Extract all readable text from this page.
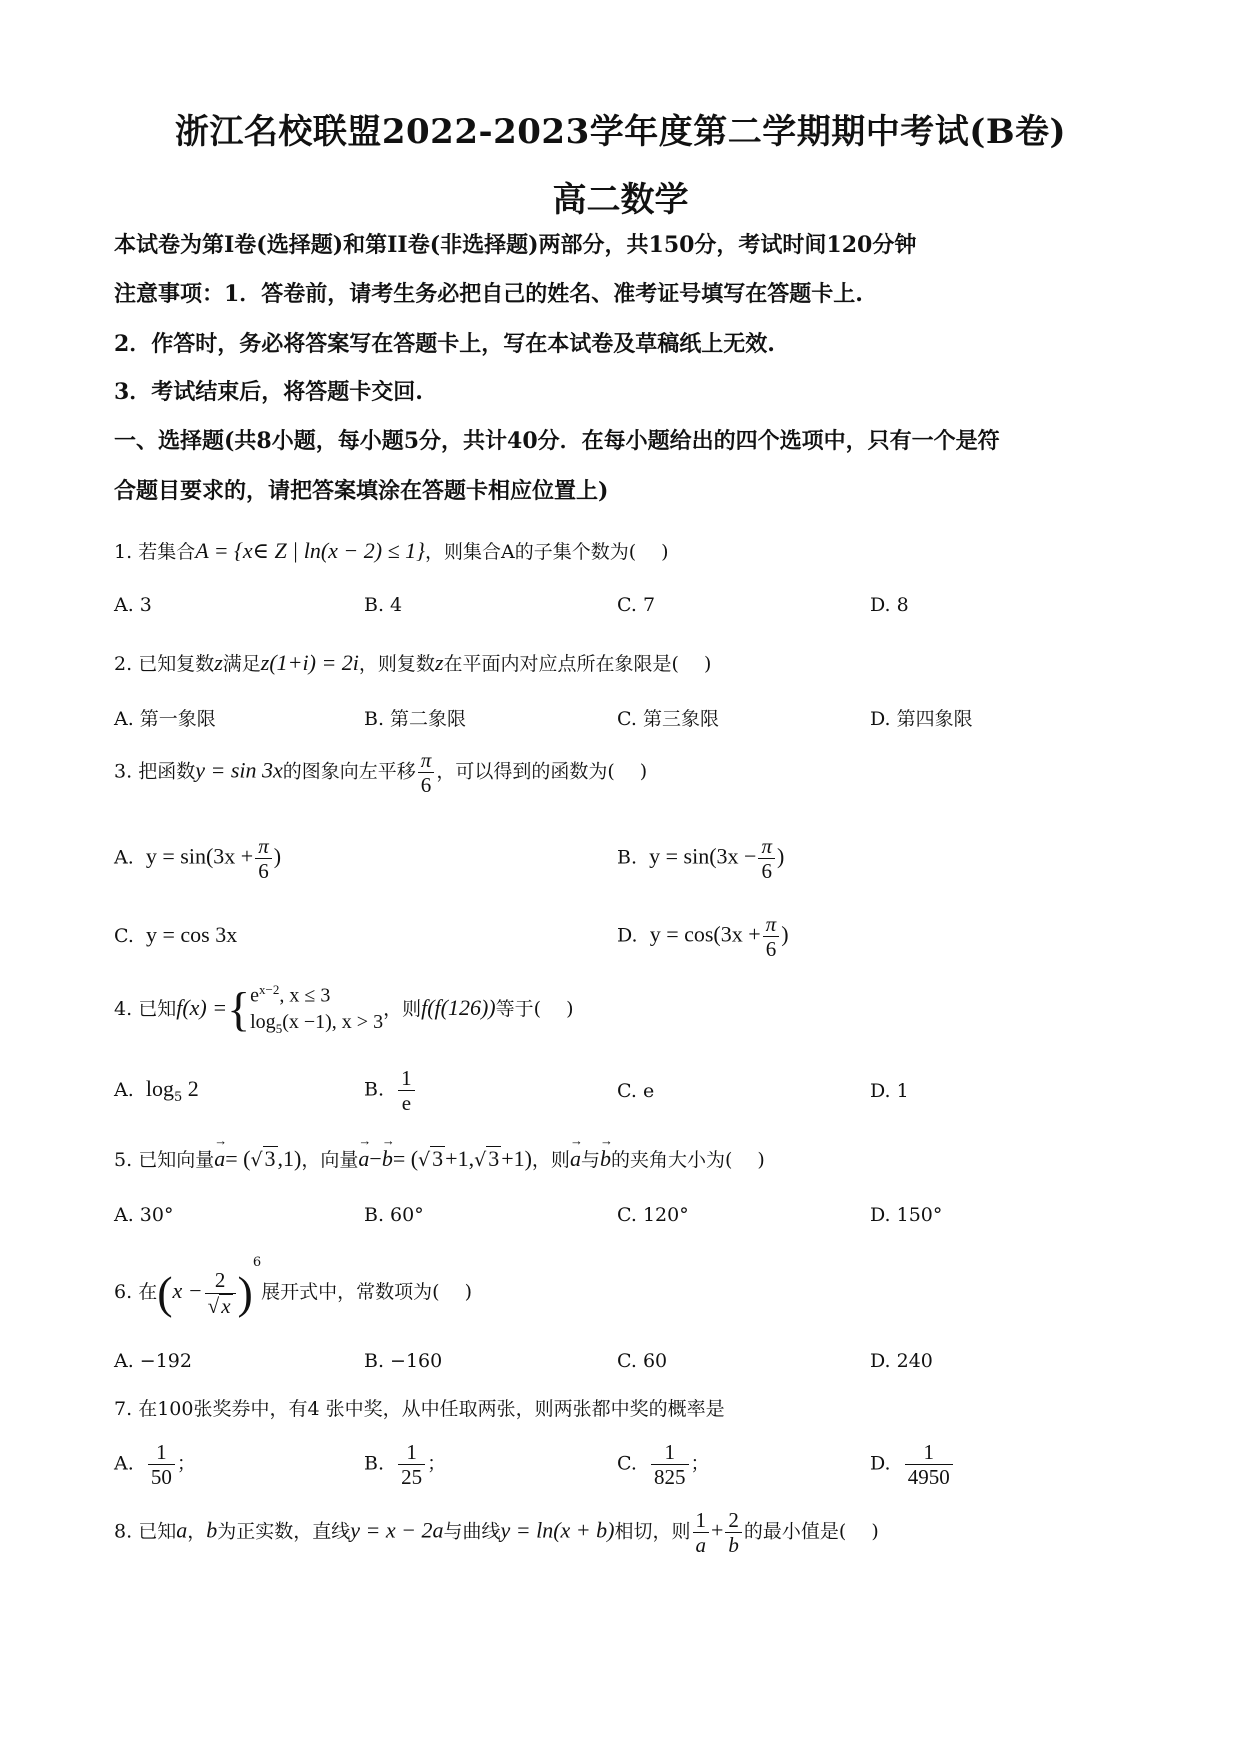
浙江名校联盟2022-2023学年度第二学期期中考试(B卷)
高二数学
本试卷为第I卷(选择题)和第II卷(非选择题)两部分，共150分，考试时间120分钟
注意事项：1．答卷前，请考生务必把自己的姓名、准考证号填写在答题卡上.
2．作答时，务必将答案写在答题卡上，写在本试卷及草稿纸上无效.
3．考试结束后，将答题卡交回.
一、选择题(共8小题，每小题5分，共计40分．在每小题给出的四个选项中，只有一个是符
合题目要求的，请把答案填涂在答题卡相应位置上)
1. 若集合A = {x∈ Z | ln(x − 2) ≤ 1}，则集合A的子集个数为(　 )
A. 3	B. 4	C. 7	D. 8
2. 已知复数z满足z(1+i) = 2i，则复数z在平面内对应点所在象限是(　 )
A. 第一象限	B. 第二象限	C. 第三象限	D. 第四象限
3. 把函数y = sin 3x的图象向左平移 $\frac{\pi}{6}$ ，可以得到的函数为(　 )
A. $y = \sin(3x + \frac{\pi}{6}$ )	B. $y = \sin(3x - \frac{\pi}{6}$ )
C. y = cos 3x	D. $y = \cos(3x + \frac{\pi}{6}$ )
4. 已知f(x) ={ $e^{x-2}$, x ≤ 3
$\log_5(x -1)$, x > 3
，则f(f(126))等于(　 )
A. $\log_5 2$	B. $\frac{1}{e}$	C. e	D. 1
5. 已知向量→ a= (√3,1)，向量→ a−→ b= (√3+1,√3+1)，则→ a与→ b的夹角大小为(　 )
A. 30°	B. 60°	C. 120°	D. 150°
6. 在$(x - \frac{2}{√x} )^6$展开式中，常数项为(　 )
A. −192	B. −160	C. 60	D. 240
7. 在100张奖券中，有4 张中奖，从中任取两张，则两张都中奖的概率是
A. $\frac{1}{50}$ ；	B. $\frac{1}{25}$ ；	C. $\frac{1}{825}$ ；	D. $\frac{1}{4950}$
8. 已知a，b为正实数，直线y = x − 2a与曲线y = ln(x + b)相切，则 $\frac{1}{a} + \frac{2}{b}$ 的最小值是(　 )
